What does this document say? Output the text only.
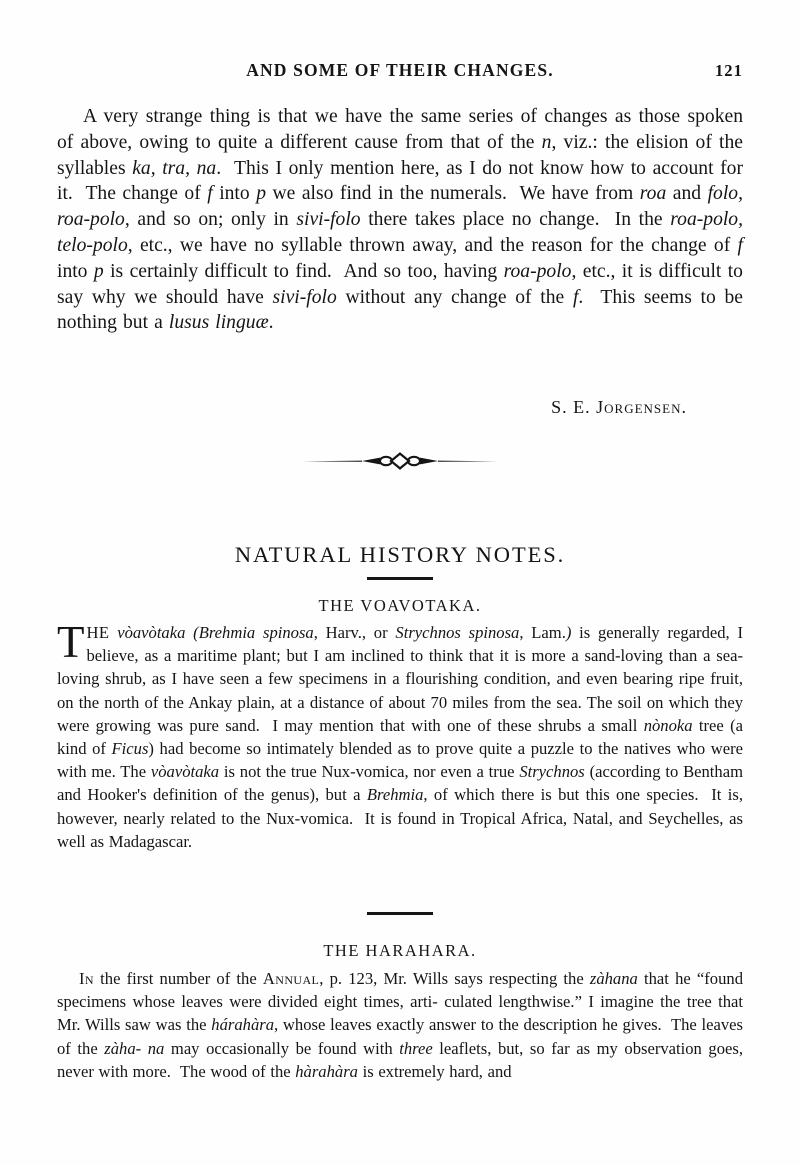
AND SOME OF THEIR CHANGES.	121

A very strange thing is that we have the same series of changes as those spoken of above, owing to quite a different cause from that of the n, viz.: the elision of the syllables ka, tra, na.  This I only mention here, as I do not know how to account for it.  The change of f into p we also find in the numerals.  We have from roa and folo, roa-polo, and so on; only in sivi-folo there takes place no change.  In the roa-polo, telo-polo, etc., we have no syllable thrown away, and the reason for the change of f into p is certainly difficult to find.  And so too, having roa-polo, etc., it is difficult to say why we should have sivi-folo without any change of the f.  This seems to be nothing but a lusus linguæ.

S. E. Jorgensen.
NATURAL HISTORY NOTES.
THE VOAVOTAKA.

THE vòavòtaka (Brehmia spinosa, Harv., or Strychnos spinosa, Lam.) is generally regarded, I believe, as a maritime plant; but I am inclined to think that it is more a sand-loving than a sea-loving shrub, as I have seen a few specimens in a flourishing condition, and even bearing ripe fruit, on the north of the Ankay plain, at a distance of about 70 miles from the sea. The soil on which they were growing was pure sand.  I may mention that with one of these shrubs a small nònoka tree (a kind of Ficus) had become so intimately blended as to prove quite a puzzle to the natives who were with me. The vòavòtaka is not the true Nux-vomica, nor even a true Strychnos (according to Bentham and Hooker's definition of the genus), but a Brehmia, of which there is but this one species.  It is, however, nearly related to the Nux-vomica.  It is found in Tropical Africa, Natal, and Seychelles, as well as Madagascar.

THE HARAHARA.

In the first number of the Annual, p. 123, Mr. Wills says respecting the zàhana that he “found specimens whose leaves were divided eight times, arti- culated lengthwise.” I imagine the tree that Mr. Wills saw was the hárahàra, whose leaves exactly answer to the description he gives.  The leaves of the zàha- na may occasionally be found with three leaflets, but, so far as my observation goes, never with more.  The wood of the hàrahàra is extremely hard, and
